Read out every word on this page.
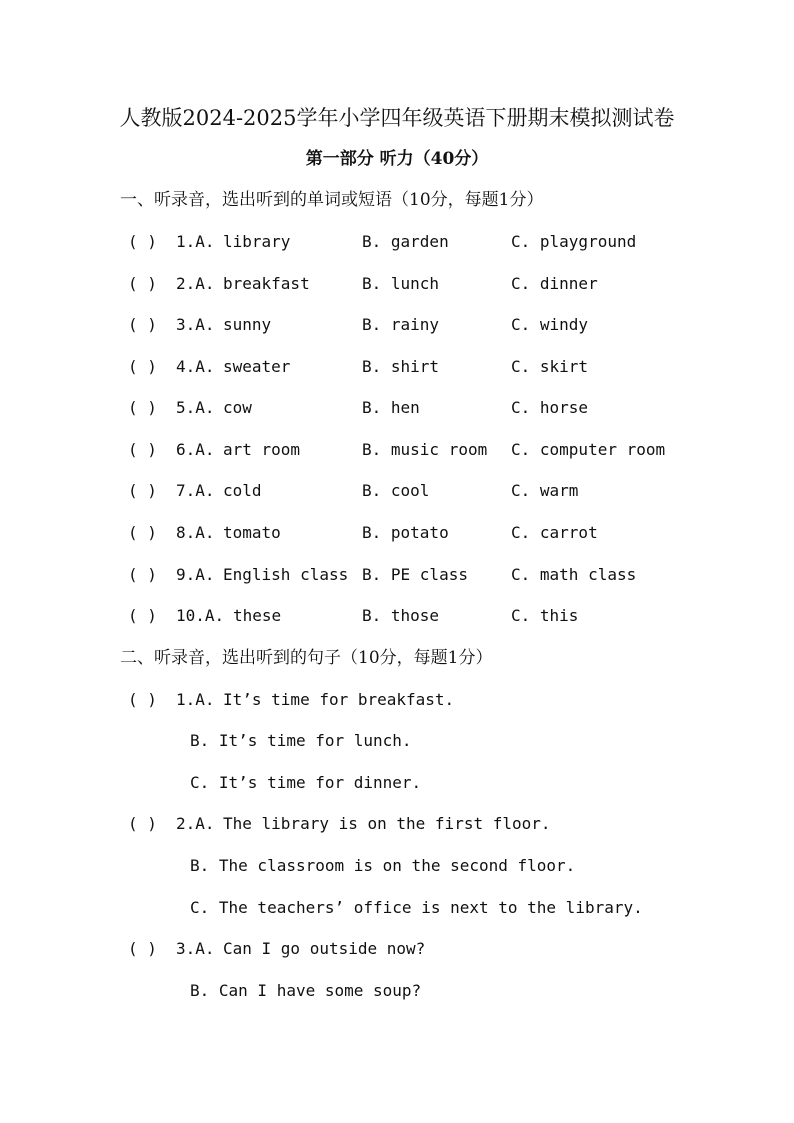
人教版2024-2025学年小学四年级英语下册期末模拟测试卷
第一部分 听力（40分）
一、听录音，选出听到的单词或短语（10分，每题1分）
( ) 1.A. library	B. garden	C. playground
( ) 2.A. breakfast	B. lunch	C. dinner
( ) 3.A. sunny	B. rainy	C. windy
( ) 4.A. sweater	B. shirt	C. skirt
( ) 5.A. cow	B. hen	C. horse
( ) 6.A. art room	B. music room C. computer room
( ) 7.A. cold	B. cool	C. warm
( ) 8.A. tomato	B. potato	C. carrot
( ) 9.A. English class B. PE class	C. math class
( ) 10.A. these	B. those	C. this
二、听录音，选出听到的句子（10分，每题1分）
( ) 1.A. It’s time for breakfast.
B. It’s time for lunch.
C. It’s time for dinner.
( ) 2.A. The library is on the first floor.
B. The classroom is on the second floor.
C. The teachers’ office is next to the library.
( ) 3.A. Can I go outside now?
B. Can I have some soup?
